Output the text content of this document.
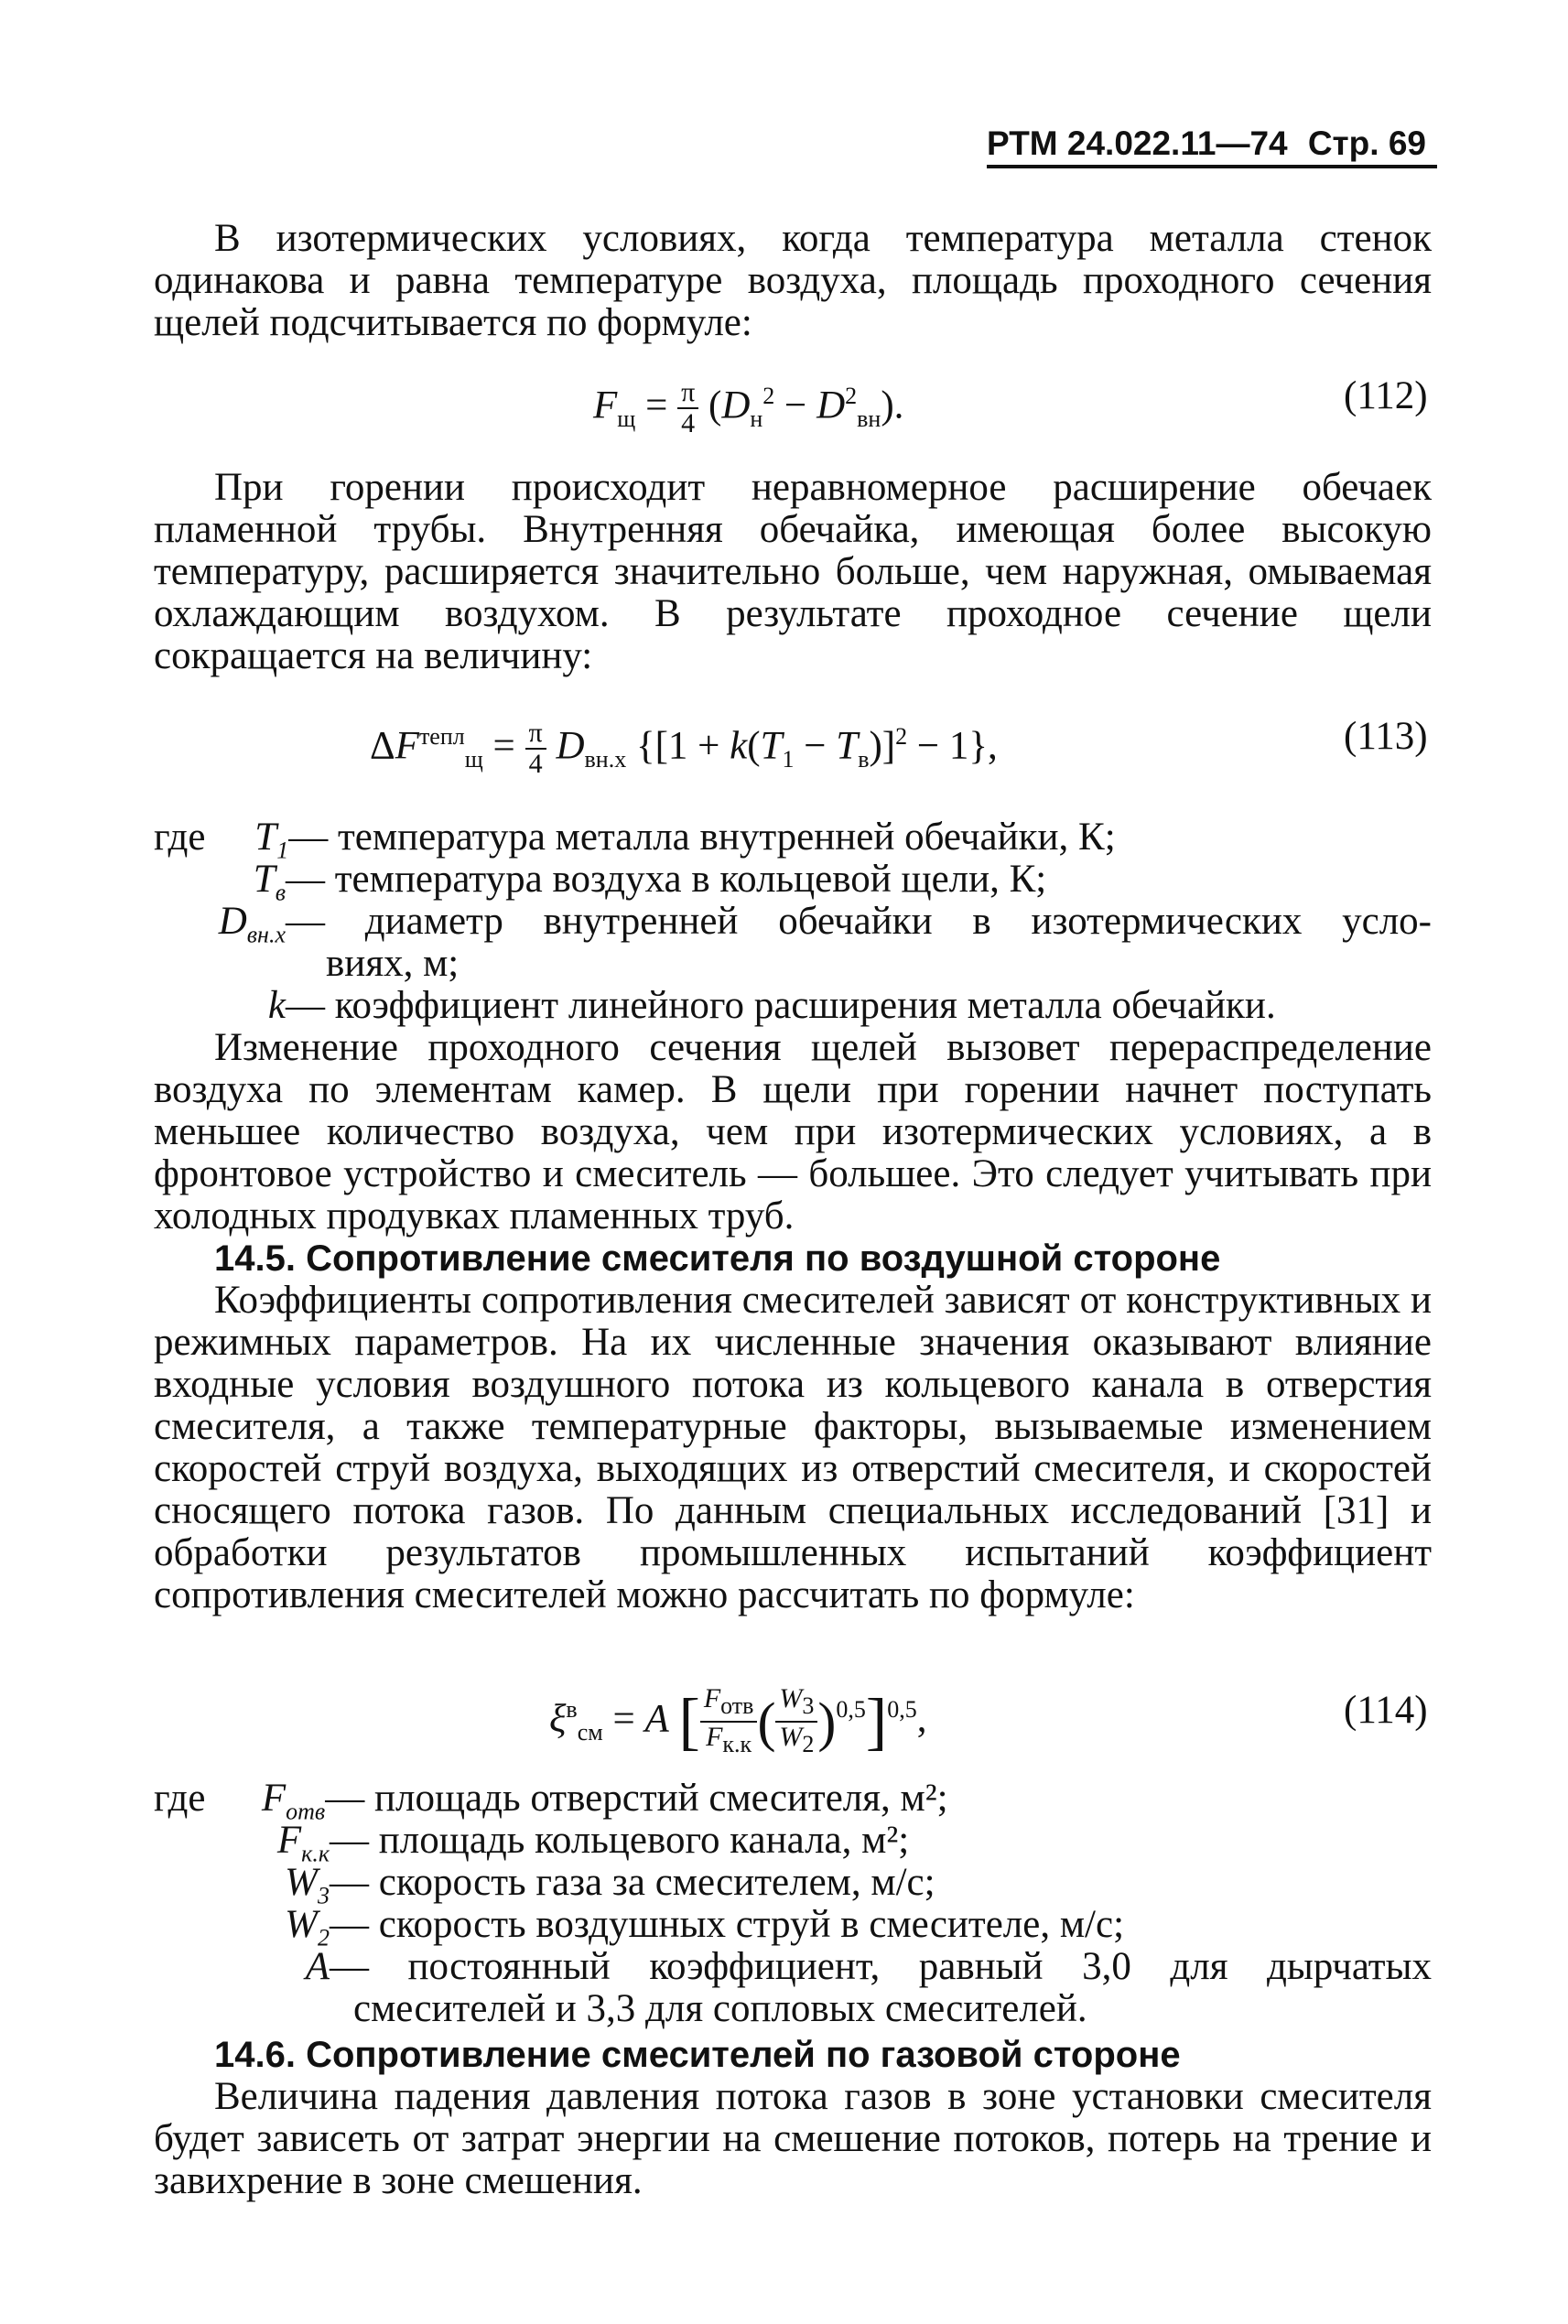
РТМ 24.022.11—74 Стр. 69

В изотермических условиях, когда температура металла стенок одинакова и равна температуре воздуха, площадь проходного сечения щелей подсчитывается по формуле:

$F_щ = \frac{\pi}{4} (D_н^2 - D^2_{вн})$.	(112)

При горении происходит неравномерное расширение обечаек пламенной трубы. Внутренняя обечайка, имеющая более высокую температуру, расширяется значительно больше, чем наружная, омываемая охлаждающим воздухом. В результате проходное сечение щели сокращается на величину:

$\Delta F^{тепл}_щ = \frac{\pi}{4} D_{вн.х}$ $\{[1 + k(T_1 - T_в)]^2 - 1\}$,	(113)
где $T_1—$ температура металла внутренней обечайки, К;
$T_в—$ температура воздуха в кольцевой щели, К;
$D_{вн.х}$ — диаметр внутренней обечайки в изотермических усло-
виях, м;
k— коэффициент линейного расширения металла обечайки.

Изменение проходного сечения щелей вызовет перераспределение воздуха по элементам камер. В щели при горении начнет поступать меньшее количество воздуха, чем при изотермических условиях, а в фронтовое устройство и смеситель — большее. Это следует учитывать при холодных продувках пламенных труб.

14.5. Сопротивление смесителя по воздушной стороне

Коэффициенты сопротивления смесителей зависят от конструктивных и режимных параметров. На их численные значения оказывают влияние входные условия воздушного потока из кольцевого канала в отверстия смесителя, а также температурные факторы, вызываемые изменением скоростей струй воздуха, выходящих из отверстий смесителя, и скоростей сносящего потока газов. По данным специальных исследований [31] и обработки результатов промышленных испытаний коэффициент сопротивления смесителей можно рассчитать по формуле:

$\xi^в_{см} = A$ [ $\frac{F_{отв}}{F_{к.к}}$ ( $\frac{W_3}{W_2} )^{0,5}]^{0,5}$,	(114)
где $F_{отв}—$ площадь отверстий смесителя, м²;
$F_{к.к}—$ площадь кольцевого канала, м²;
$W_3—$ скорость газа за смесителем, м/с;
$W_2—$ скорость воздушных струй в смесителе, м/с;
A — постоянный коэффициент, равный 3,0 для дырчатых
смесителей и 3,3 для сопловых смесителей.
14.6. Сопротивление смесителей по газовой стороне

Величина падения давления потока газов в зоне установки смесителя будет зависеть от затрат энергии на смешение потоков, потерь на трение и завихрение в зоне смешения.
